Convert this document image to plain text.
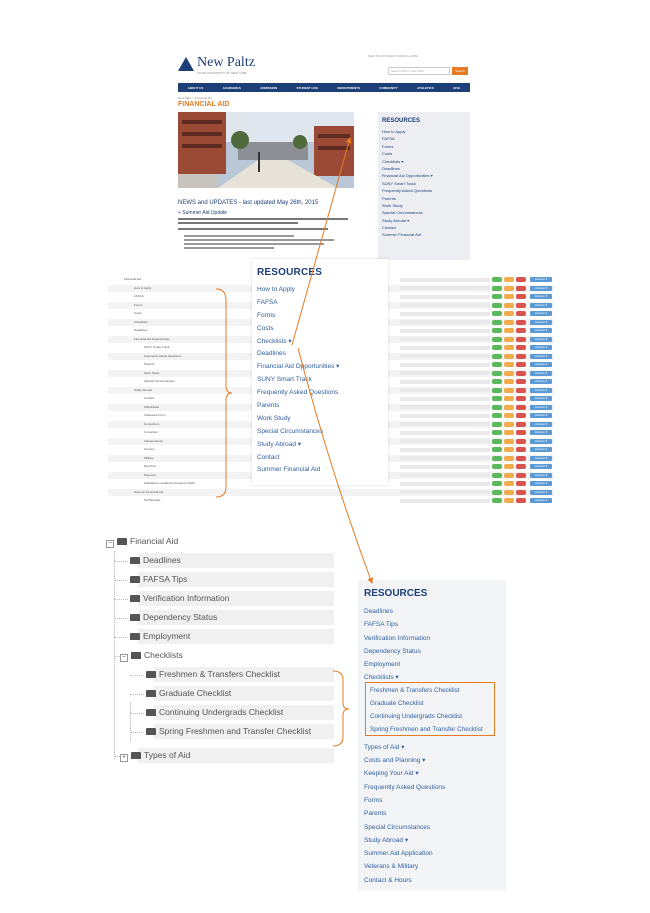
New Paltz
STATE UNIVERSITY OF NEW YORK
NEW PALTZ DIRECTORIES ALUMNI
Search SUNY New Paltz	Search
ABOUT US	ACADEMICS	ADMISSION	STUDENT LIFE	DEPARTMENTS	COMMUNITY	ATHLETICS	GIVE
New Paltz > Financial Aid
FINANCIAL AID
NEWS and UPDATES - last updated May 26th, 2015
+ Summer Aid Update
RESOURCES
How to Apply
FAFSA
Forms
Costs
Checklists ▾
Deadlines
Financial Aid Opportunities ▾
SUNY Smart Track
Frequently Asked Questions
Parents
Work Study
Special Circumstances
Study Abroad ▾
Contact
Summer Financial Aid
Financial Aid	Actions ▾
How to Apply	Actions ▾
FAFSA	Actions ▾
Forms	Actions ▾
Costs	Actions ▾
Checklists	Actions ▾
Deadlines	Actions ▾
Financial Aid Opportunities	Actions ▾
SUNY Smart Track	Actions ▾
Frequently Asked Questions	Actions ▾
Parents	Actions ▾
Work Study	Actions ▾
Special Circumstances	Actions ▾
Study Abroad	Actions ▾
Contact	Actions ▾
Withdrawal	Actions ▾
Clearance Form	Actions ▾
Consortium	Actions ▾
Correction	Actions ▾
Independence	Actions ▾
Literacy	Actions ▾
Military	Actions ▾
Net Price	Actions ▾
Payment	Actions ▾
Satisfactory Academic Progress (SAP)	Actions ▾
Summer Financial Aid	Actions ▾
Tax Benefits	Actions ▾
RESOURCES
How to Apply
FAFSA
Forms
Costs
Checklists ▾
Deadlines
Financial Aid Opportunities ▾
SUNY Smart Track
Frequently Asked Questions
Parents
Work Study
Special Circumstances
Study Abroad ▾
Contact
Summer Financial Aid
− Financial Aid
Deadlines
FAFSA Tips
Verification Information
Dependency Status
Employment
− Checklists
Freshmen & Transfers Checklist
Graduate Checklist
Continuing Undergrads Checklist
Spring Freshmen and Transfer Checklist
+ Types of Aid
RESOURCES
Deadlines
FAFSA Tips
Verification Information
Dependency Status
Employment
Checklists ▾
Types of Aid ▾
Costs and Planning ▾
Keeping Your Aid ▾
Frequently Asked Questions
Forms
Parents
Special Circumstances
Study Abroad ▾
Summer Aid Application
Veterans & Military
Contact & Hours
Freshmen & Transfers Checklist
Graduate Checklist
Continuing Undergrads Checklist
Spring Freshmen and Transfer Checklist
